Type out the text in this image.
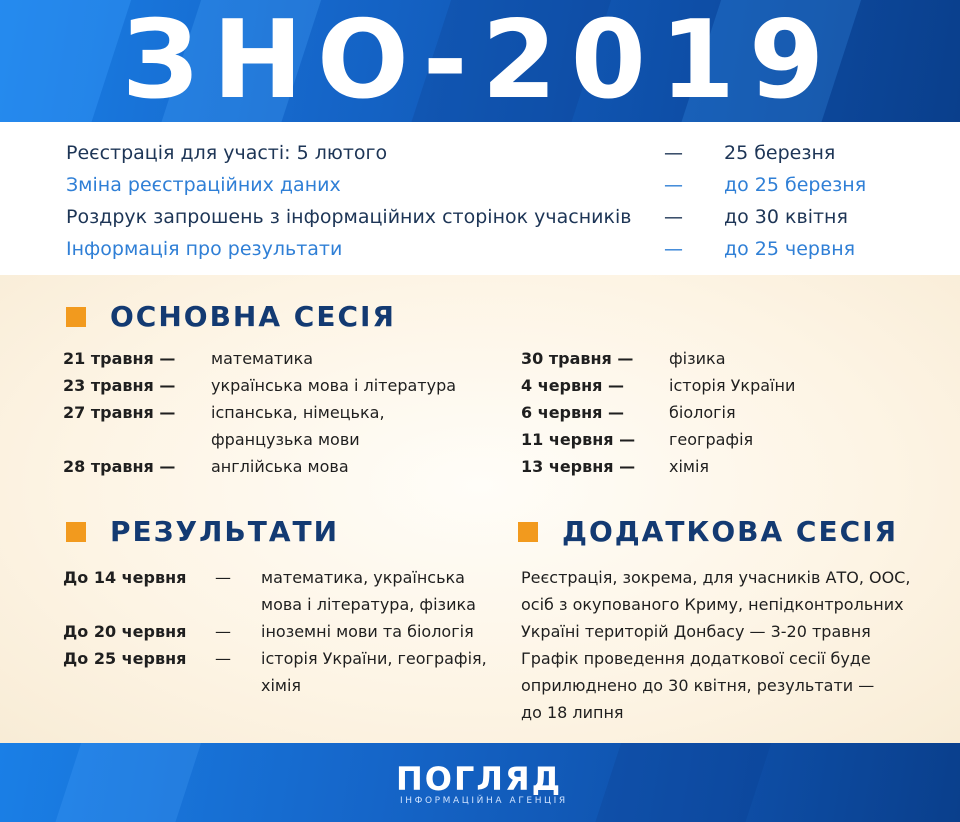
ЗНО-2019
Реєстрація для участі: 5 лютого	— 25 березня
Зміна реєстраційних даних	— до 25 березня
Роздрук запрошень з інформаційних сторінок учасників — до 30 квітня
Інформація про результати	— до 25 червня
ОСНОВНА СЕСІЯ
21 травня — математика
23 травня — українська мова і література
27 травня — іспанська, німецька,
французька мови
28 травня — англійська мова
30 травня — фізика
4 червня —	історія України
6 червня —	біологія
11 червня — географія
13 червня — хімія
РЕЗУЛЬТАТИ
До 14 червня — математика, українська
мова і література, фізика
До 20 червня — іноземні мови та біологія
До 25 червня — історія України, географія,
хімія
ДОДАТКОВА СЕСІЯ
Реєстрація, зокрема, для учасників АТО, ООС,
осіб з окупованого Криму, непідконтрольних
Україні територій Донбасу — 3-20 травня
Графік проведення додаткової сесії буде
оприлюднено до 30 квітня, результати —
до 18 липня
ПОГЛЯД
ІНФОРМАЦІЙНА АГЕНЦІЯ
